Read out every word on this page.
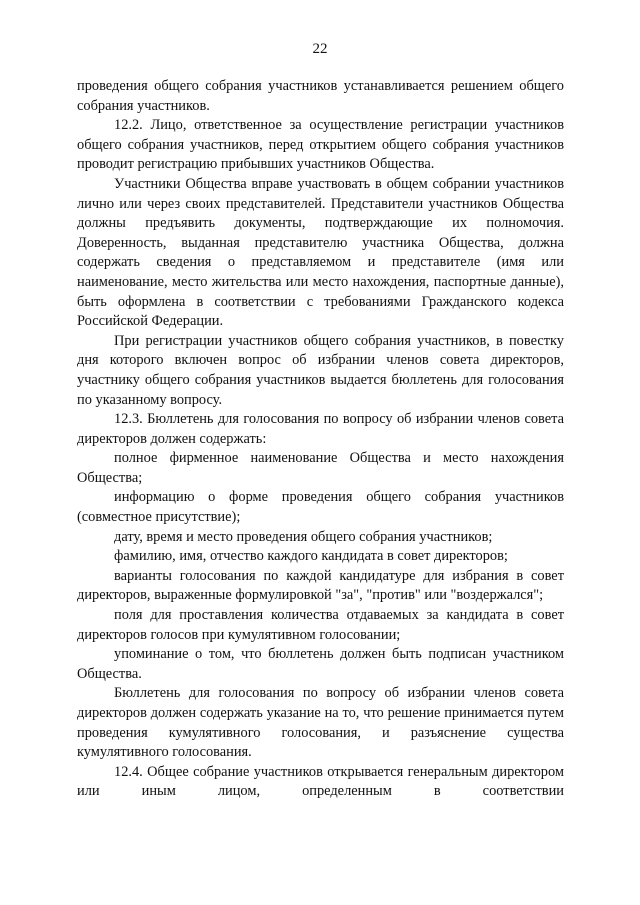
22

проведения общего собрания участников устанавливается решением общего собрания участников.

12.2. Лицо, ответственное за осуществление регистрации участников общего собрания участников, перед открытием общего собрания участников проводит регистрацию прибывших участников Общества.

Участники Общества вправе участвовать в общем собрании участников лично или через своих представителей. Представители участников Общества должны предъявить документы, подтверждающие их полномочия. Доверенность, выданная представителю участника Общества, должна содержать сведения о представляемом и представителе (имя или наименование, место жительства или место нахождения, паспортные данные), быть оформлена в соответствии с требованиями Гражданского кодекса Российской Федерации.

При регистрации участников общего собрания участников, в повестку дня которого включен вопрос об избрании членов совета директоров, участнику общего собрания участников выдается бюллетень для голосования по указанному вопросу.

12.3. Бюллетень для голосования по вопросу об избрании членов совета директоров должен содержать:

полное фирменное наименование Общества и место нахождения Общества;

информацию о форме проведения общего собрания участников (совместное присутствие);

дату, время и место проведения общего собрания участников;

фамилию, имя, отчество каждого кандидата в совет директоров;

варианты голосования по каждой кандидатуре для избрания в совет директоров, выраженные формулировкой "за", "против" или "воздержался";

поля для проставления количества отдаваемых за кандидата в совет директоров голосов при кумулятивном голосовании;

упоминание о том, что бюллетень должен быть подписан участником Общества.

Бюллетень для голосования по вопросу об избрании членов совета директоров должен содержать указание на то, что решение принимается путем проведения кумулятивного голосования, и разъяснение существа кумулятивного голосования.

12.4. Общее собрание участников открывается генеральным директором или иным лицом, определенным в соответствии
